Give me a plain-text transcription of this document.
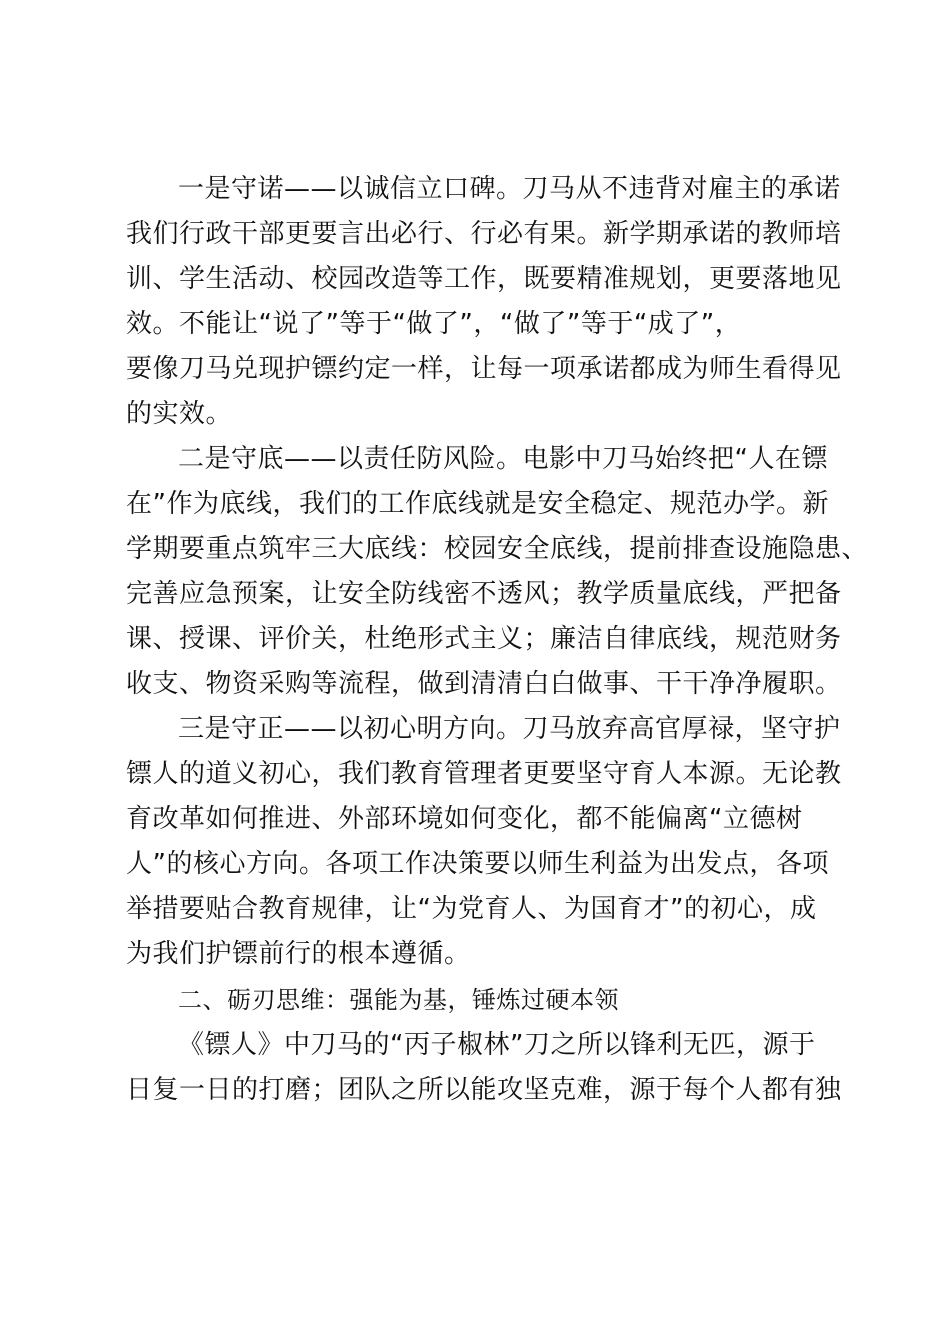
一是守诺——以诚信立口碑。刀马从不违背对雇主的承诺

我们行政干部更要言出必行、行必有果。新学期承诺的教师培

训、学生活动、校园改造等工作，既要精准规划，更要落地见

效。不能让“说了”等于“做了”，“做了”等于“成了”，

要像刀马兑现护镖约定一样，让每一项承诺都成为师生看得见

的实效。

二是守底——以责任防风险。电影中刀马始终把“人在镖

在”作为底线，我们的工作底线就是安全稳定、规范办学。新

学期要重点筑牢三大底线：校园安全底线，提前排查设施隐患、

完善应急预案，让安全防线密不透风；教学质量底线，严把备

课、授课、评价关，杜绝形式主义；廉洁自律底线，规范财务

收支、物资采购等流程，做到清清白白做事、干干净净履职。

三是守正——以初心明方向。刀马放弃高官厚禄，坚守护

镖人的道义初心，我们教育管理者更要坚守育人本源。无论教

育改革如何推进、外部环境如何变化，都不能偏离“立德树

人”的核心方向。各项工作决策要以师生利益为出发点，各项

举措要贴合教育规律，让“为党育人、为国育才”的初心，成

为我们护镖前行的根本遵循。

二、砺刃思维：强能为基，锤炼过硬本领

《镖人》中刀马的“丙子椒林”刀之所以锋利无匹，源于

日复一日的打磨；团队之所以能攻坚克难，源于每个人都有独
